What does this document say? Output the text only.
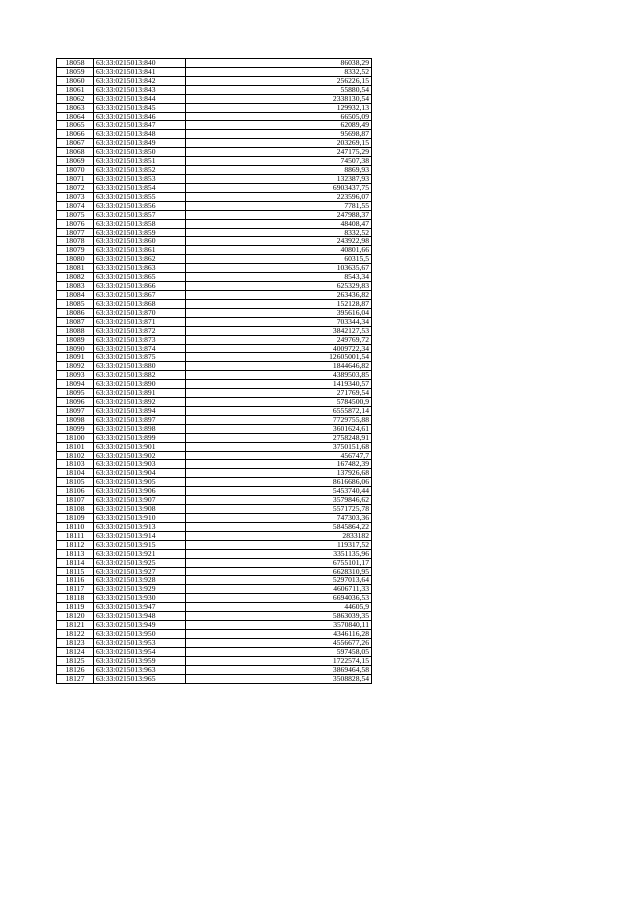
18058	63:33:0215013:840	86038,29
18059	63:33:0215013:841	8332,52
18060	63:33:0215013:842	256226,15
18061	63:33:0215013:843	55880,54
18062	63:33:0215013:844	2338130,54
18063	63:33:0215013:845	129932,13
18064	63:33:0215013:846	66505,09
18065	63:33:0215013:847	62089,49
18066	63:33:0215013:848	95698,87
18067	63:33:0215013:849	203269,15
18068	63:33:0215013:850	247175,29
18069	63:33:0215013:851	74507,38
18070	63:33:0215013:852	8869,93
18071	63:33:0215013:853	132387,93
18072	63:33:0215013:854	6903437,75
18073	63:33:0215013:855	223596,07
18074	63:33:0215013:856	7781,55
18075	63:33:0215013:857	247988,37
18076	63:33:0215013:858	48408,47
18077	63:33:0215013:859	8332,52
18078	63:33:0215013:860	243922,98
18079	63:33:0215013:861	40801,66
18080	63:33:0215013:862	60315,5
18081	63:33:0215013:863	103635,67
18082	63:33:0215013:865	8543,34
18083	63:33:0215013:866	625329,83
18084	63:33:0215013:867	263436,82
18085	63:33:0215013:868	152128,87
18086	63:33:0215013:870	395616,04
18087	63:33:0215013:871	703344,34
18088	63:33:0215013:872	3842127,53
18089	63:33:0215013:873	249769,72
18090	63:33:0215013:874	4009722,34
18091	63:33:0215013:875	12605001,54
18092	63:33:0215013:880	1844646,82
18093	63:33:0215013:882	4389503,85
18094	63:33:0215013:890	1419340,57
18095	63:33:0215013:891	271769,54
18096	63:33:0215013:892	5784500,9
18097	63:33:0215013:894	6555872,14
18098	63:33:0215013:897	7729755,88
18099	63:33:0215013:898	3601624,61
18100	63:33:0215013:899	2758248,91
18101	63:33:0215013:901	3750151,68
18102	63:33:0215013:902	456747,7
18103	63:33:0215013:903	167482,39
18104	63:33:0215013:904	137926,68
18105	63:33:0215013:905	8616686,06
18106	63:33:0215013:906	5453740,44
18107	63:33:0215013:907	3579846,62
18108	63:33:0215013:908	5571725,78
18109	63:33:0215013:910	747303,36
18110	63:33:0215013:913	5845864,22
18111	63:33:0215013:914	2833182
18112	63:33:0215013:915	119317,52
18113	63:33:0215013:921	3351135,96
18114	63:33:0215013:925	6755101,17
18115	63:33:0215013:927	6628310,95
18116	63:33:0215013:928	5297013,64
18117	63:33:0215013:929	4606711,33
18118	63:33:0215013:930	6694036,53
18119	63:33:0215013:947	44605,9
18120	63:33:0215013:948	5863039,35
18121	63:33:0215013:949	3570840,11
18122	63:33:0215013:950	4346116,28
18123	63:33:0215013:953	4556677,26
18124	63:33:0215013:954	597458,05
18125	63:33:0215013:959	1722574,15
18126	63:33:0215013:963	3869464,58
18127	63:33:0215013:965	3508828,54
